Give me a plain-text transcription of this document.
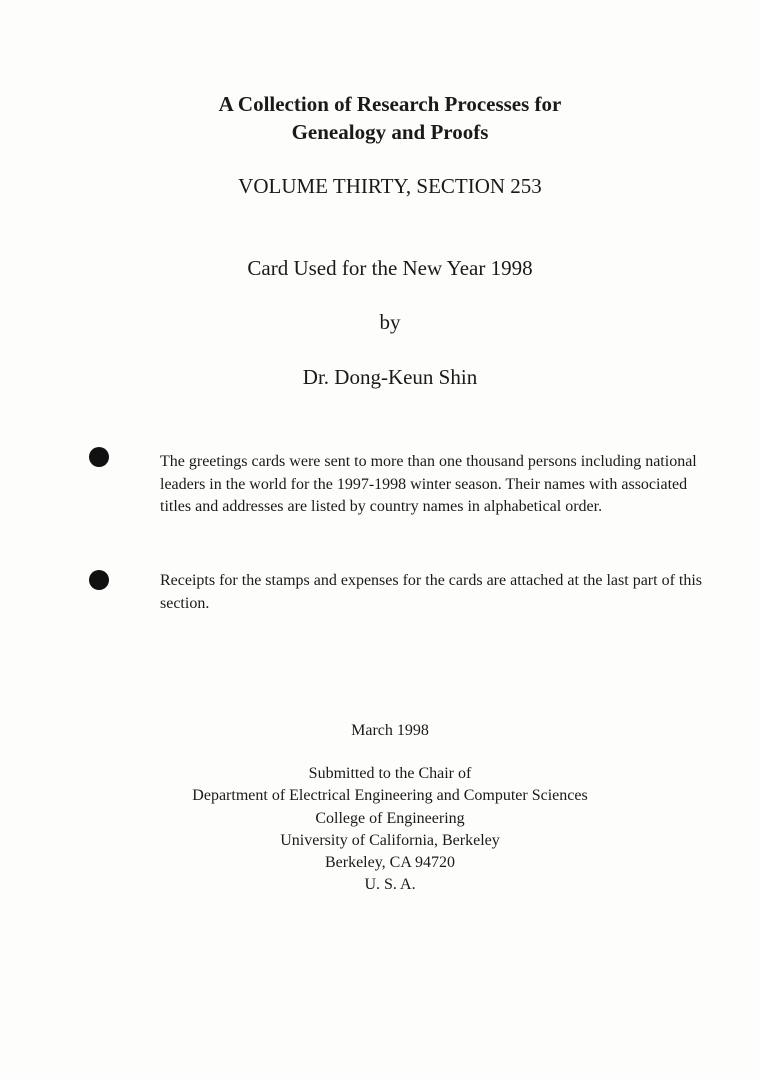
A Collection of Research Processes for
Genealogy and Proofs
VOLUME THIRTY, SECTION 253
Card Used for the New Year 1998
by
Dr. Dong-Keun Shin
The greetings cards were sent to more than one thousand persons including national leaders in the world for the 1997-1998 winter season. Their names with associated titles and addresses are listed by country names in alphabetical order.
Receipts for the stamps and expenses for the cards are attached at the last part of this section.
March 1998
Submitted to the Chair of
Department of Electrical Engineering and Computer Sciences
College of Engineering
University of California, Berkeley
Berkeley, CA 94720
U. S. A.
